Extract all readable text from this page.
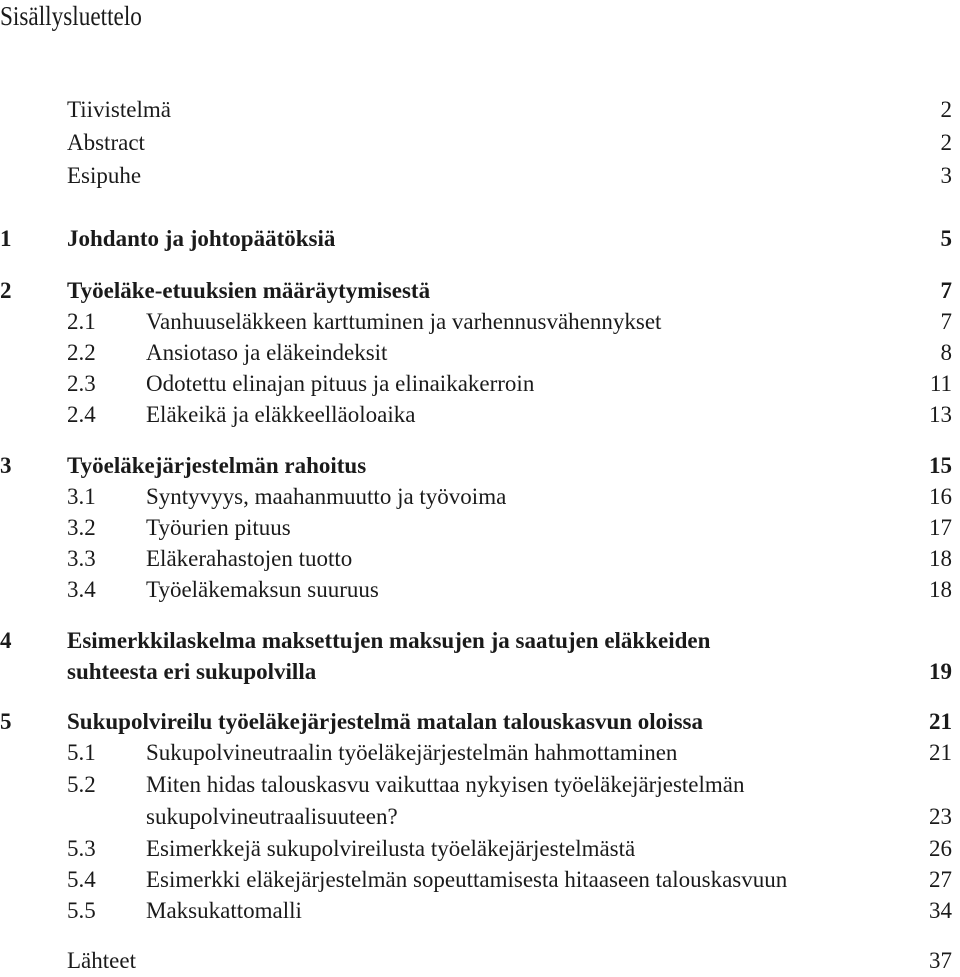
Sisällysluettelo
Tiivistelmä	2
Abstract	2
Esipuhe	3
1 Johdanto ja johtopäätöksiä	5
2 Työeläke-etuuksien määräytymisestä	7
2.1 Vanhuuseläkkeen karttuminen ja varhennusvähennykset	7
2.2 Ansiotaso ja eläkeindeksit	8
2.3 Odotettu elinajan pituus ja elinaikakerroin	11
2.4 Eläkeikä ja eläkkeelläoloaika	13
3 Työeläkejärjestelmän rahoitus	15
3.1 Syntyvyys, maahanmuutto ja työvoima	16
3.2 Työurien pituus	17
3.3 Eläkerahastojen tuotto	18
3.4 Työeläkemaksun suuruus	18
4 Esimerkkilaskelma maksettujen maksujen ja saatujen eläkkeiden
suhteesta eri sukupolvilla	19
5 Sukupolvireilu työeläkejärjestelmä matalan talouskasvun oloissa	21
5.1 Sukupolvineutraalin työeläkejärjestelmän hahmottaminen	21
5.2 Miten hidas talouskasvu vaikuttaa nykyisen työeläkejärjestelmän
sukupolvineutraalisuuteen?	23
5.3 Esimerkkejä sukupolvireilusta työeläkejärjestelmästä	26
5.4 Esimerkki eläkejärjestelmän sopeuttamisesta hitaaseen talouskasvuun	27
5.5 Maksukattomalli	34
Lähteet	37
